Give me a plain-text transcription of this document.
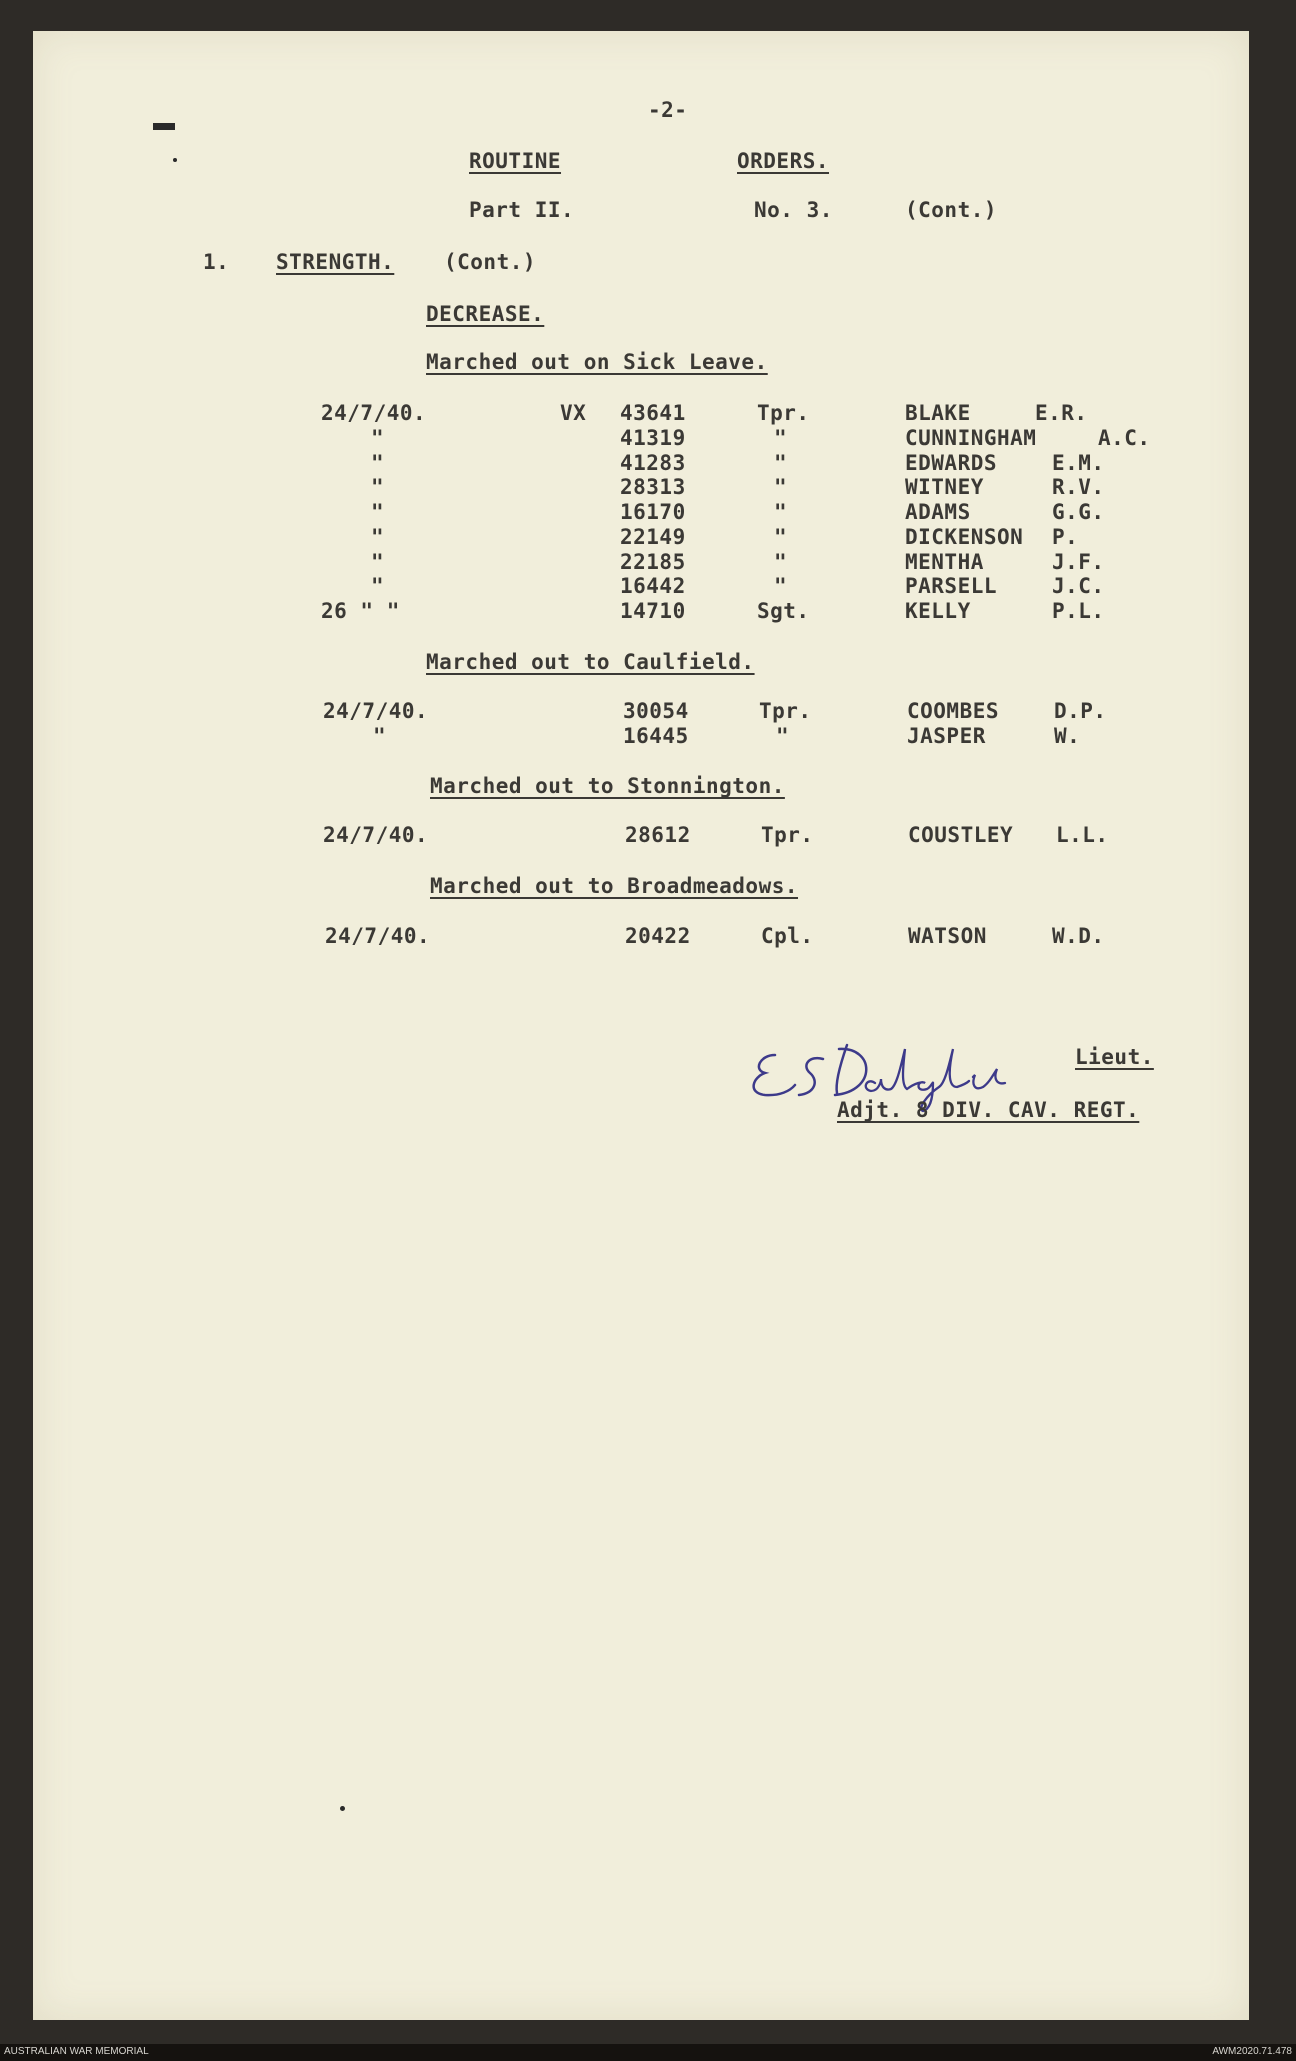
-2-
ROUTINE	ORDERS.
Part II.	No. 3.	(Cont.)
1. STRENGTH. (Cont.)
DECREASE.
Marched out on Sick Leave.
24/7/40.	VX 43641	Tpr.	BLAKE	E.R.
"	41319	"	CUNNINGHAM	A.C.
"	41283	"	EDWARDS	E.M.
"	28313	"	WITNEY	R.V.
"	16170	"	ADAMS	G.G.
"	22149	"	DICKENSON P.
"	22185	"	MENTHA	J.F.
"	16442	"	PARSELL	J.C.
26 " "	14710	Sgt.	KELLY	P.L.
Marched out to Caulfield.
24/7/40.	30054	Tpr.	COOMBES	D.P.
"	16445	"	JASPER	W.
Marched out to Stonnington.
24/7/40.	28612	Tpr.	COUSTLEY L.L.
Marched out to Broadmeadows.
24/7/40.	20422	Cpl.	WATSON	W.D.
Lieut.
Adjt. 8 DIV. CAV. REGT.
AUSTRALIAN WAR MEMORIAL	AWM2020.71.478
